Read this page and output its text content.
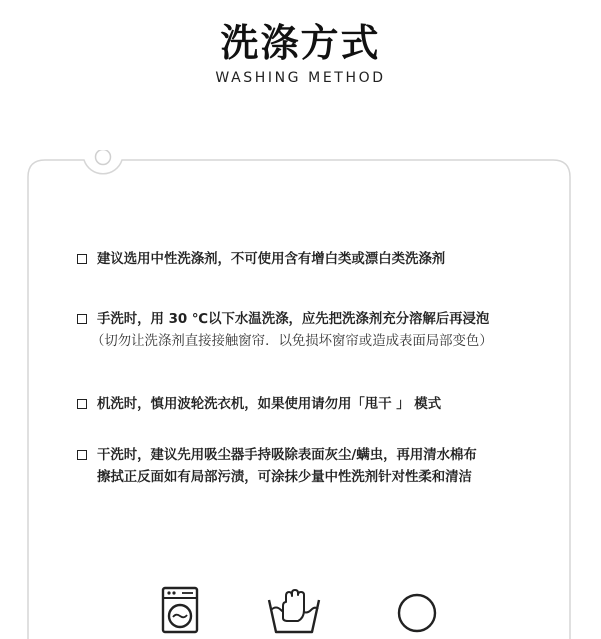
洗涤方式
WASHING METHOD
建议选用中性洗涤剂，不可使用含有增白类或漂白类洗涤剂
手洗时，用 30 ℃以下水温洗涤，应先把洗涤剂充分溶解后再浸泡
（切勿让洗涤剂直接接触窗帘．以免损坏窗帘或造成表面局部变色）
机洗时，慎用波轮洗衣机，如果使用请勿用「甩干 」 模式
干洗时，建议先用吸尘器手持吸除表面灰尘/螨虫，再用清水棉布
擦拭正反面如有局部污渍，可涂抹少量中性洗剂针对性柔和清洁
